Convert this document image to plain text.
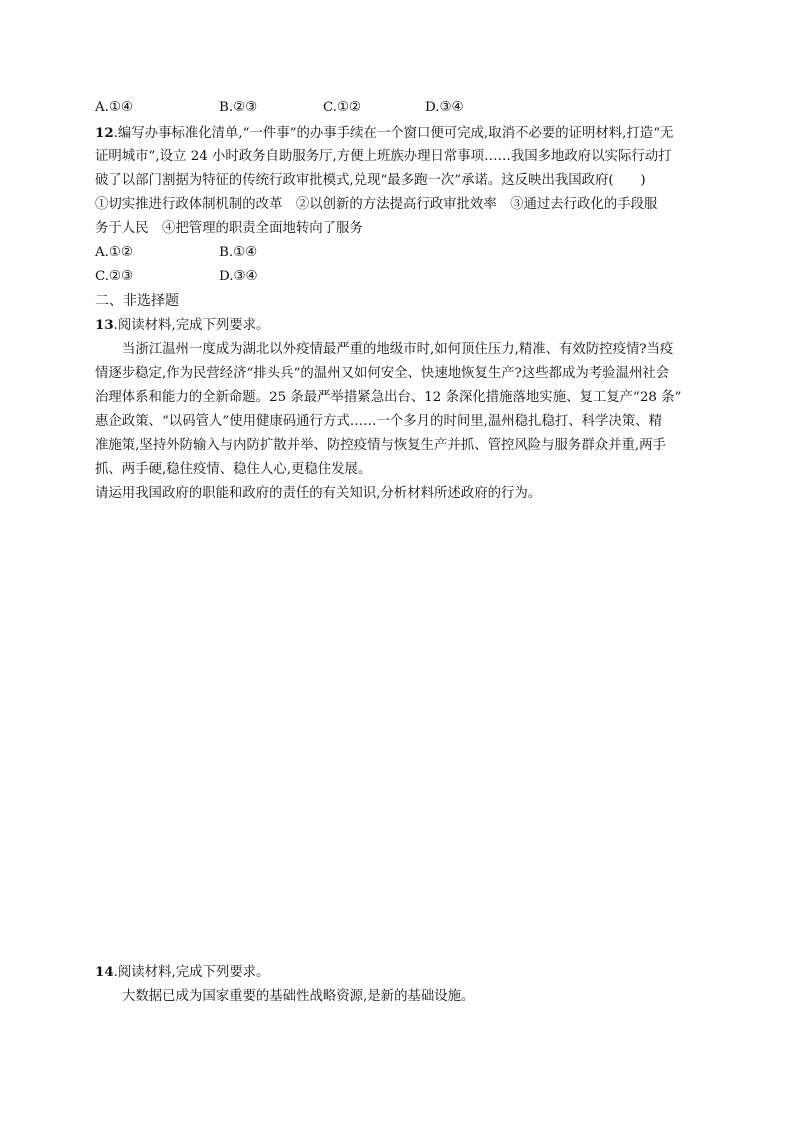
A.①④	B.②③	C.①②	D.③④
12.编写办事标准化清单,“一件事”的办事手续在一个窗口便可完成,取消不必要的证明材料,打造“无
证明城市”,设立 24 小时政务自助服务厅,方便上班族办理日常事项……我国多地政府以实际行动打
破了以部门割据为特征的传统行政审批模式,兑现“最多跑一次”承诺。这反映出我国政府(　　)
①切实推进行政体制机制的改革　②以创新的方法提高行政审批效率　③通过去行政化的手段服
务于人民　④把管理的职责全面地转向了服务
A.①②	B.①④
C.②③	D.③④
二、非选择题
13.阅读材料,完成下列要求。
当浙江温州一度成为湖北以外疫情最严重的地级市时,如何顶住压力,精准、有效防控疫情?当疫
情逐步稳定,作为民营经济“排头兵”的温州又如何安全、快速地恢复生产?这些都成为考验温州社会
治理体系和能力的全新命题。25 条最严举措紧急出台、12 条深化措施落地实施、复工复产“28 条”
惠企政策、“以码管人”使用健康码通行方式……一个多月的时间里,温州稳扎稳打、科学决策、精
准施策,坚持外防输入与内防扩散并举、防控疫情与恢复生产并抓、管控风险与服务群众并重,两手
抓、两手硬,稳住疫情、稳住人心,更稳住发展。
请运用我国政府的职能和政府的责任的有关知识,分析材料所述政府的行为。
14.阅读材料,完成下列要求。
大数据已成为国家重要的基础性战略资源,是新的基础设施。
